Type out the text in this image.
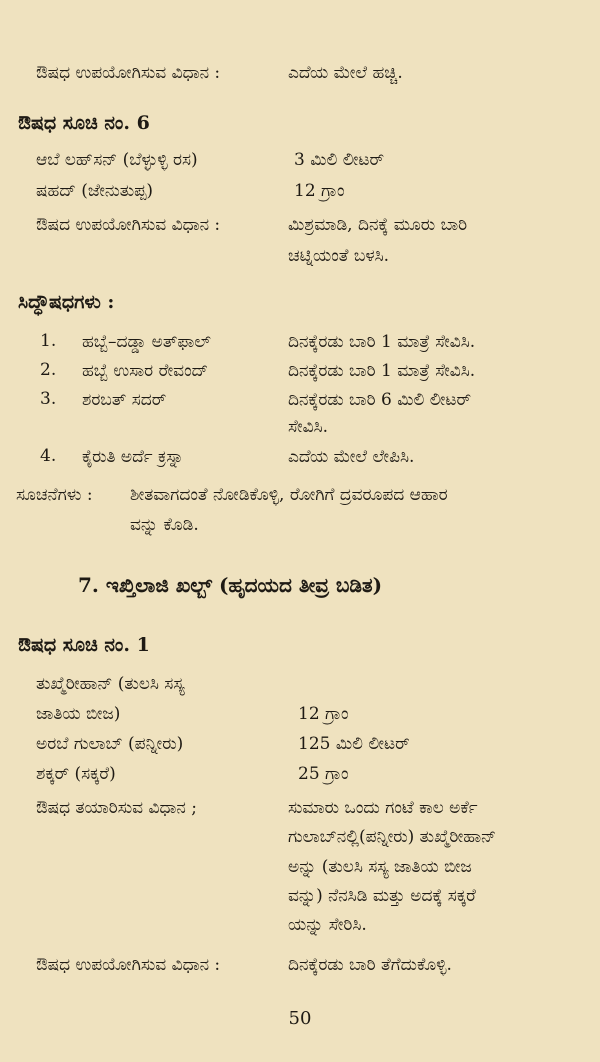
ಔಷಧ ಉಪಯೋಗಿಸುವ ವಿಧಾನ :	ಎದೆಯ ಮೇಲೆ ಹಚ್ಚಿ.
ಔಷಧ ಸೂಚಿ ನಂ. 6
ಆಬೆ ಲಹ್‌ಸನ್ (ಬೆಳ್ಳುಳ್ಳಿ ರಸ)	3 ಮಿಲಿ ಲೀಟರ್
ಷಹದ್ (ಜೇನುತುಪ್ಪ)	12 ಗ್ರಾಂ
ಔಷದ ಉಪಯೋಗಿಸುವ ವಿಧಾನ :	ಮಿಶ್ರಮಾಡಿ, ದಿನಕ್ಕೆ ಮೂರು ಬಾರಿ
ಚಟ್ನಿಯಂತೆ ಬಳಸಿ.
ಸಿದ್ಧೌಷಧಗಳು :
1. ಹಬ್ಬೆ–ದಡ್ಡಾ ಅತ್‌ಫಾಲ್	ದಿನಕ್ಕೆರಡು ಬಾರಿ 1 ಮಾತ್ರೆ ಸೇವಿಸಿ.
2. ಹಬ್ಬೆ ಉಸಾರ ರೇವಂದ್	ದಿನಕ್ಕೆರಡು ಬಾರಿ 1 ಮಾತ್ರೆ ಸೇವಿಸಿ.
3. ಶರಬತ್ ಸದರ್	ದಿನಕ್ಕೆರಡು ಬಾರಿ 6 ಮಿಲಿ ಲೀಟರ್
ಸೇವಿಸಿ.
4. ಕೈರುತಿ ಅರ್ದೆ ಕ್ರಸ್ನಾ	ಎದೆಯ ಮೇಲೆ ಲೇಪಿಸಿ.
ಸೂಚನೆಗಳು : ಶೀತವಾಗದಂತೆ ನೋಡಿಕೊಳ್ಳಿ, ರೋಗಿಗೆ ದ್ರವರೂಪದ ಆಹಾರ
ವನ್ನು ಕೊಡಿ.
7. ಇಖ್ತಿಲಾಜಿ ಖಲ್ಬ್ (ಹೃದಯದ ತೀವ್ರ ಬಡಿತ)
ಔಷಧ ಸೂಚಿ ನಂ. 1
ತುಖ್ಮೆರೀಹಾನ್ (ತುಲಸಿ ಸಸ್ಯ
ಜಾತಿಯ ಬೀಜ)	12 ಗ್ರಾಂ
ಅರಬೆ ಗುಲಾಬ್ (ಪನ್ನೀರು)	125 ಮಿಲಿ ಲೀಟರ್
ಶಕ್ಕರ್ (ಸಕ್ಕರೆ)	25 ಗ್ರಾಂ
ಔಷಧ ತಯಾರಿಸುವ ವಿಧಾನ ;	ಸುಮಾರು ಒಂದು ಗಂಟೆ ಕಾಲ ಅರ್ಕೆ
ಗುಲಾಬ್‌ನಲ್ಲಿ(ಪನ್ನೀರು) ತುಖ್ಮೆರೀಹಾನ್
ಅನ್ನು (ತುಲಸಿ ಸಸ್ಯ ಜಾತಿಯ ಬೀಜ
ವನ್ನು) ನೆನಸಿಡಿ ಮತ್ತು ಅದಕ್ಕೆ ಸಕ್ಕರೆ
ಯನ್ನು ಸೇರಿಸಿ.
ಔಷಧ ಉಪಯೋಗಿಸುವ ವಿಧಾನ :	ದಿನಕ್ಕೆರಡು ಬಾರಿ ತೆಗೆದುಕೊಳ್ಳಿ.
50
